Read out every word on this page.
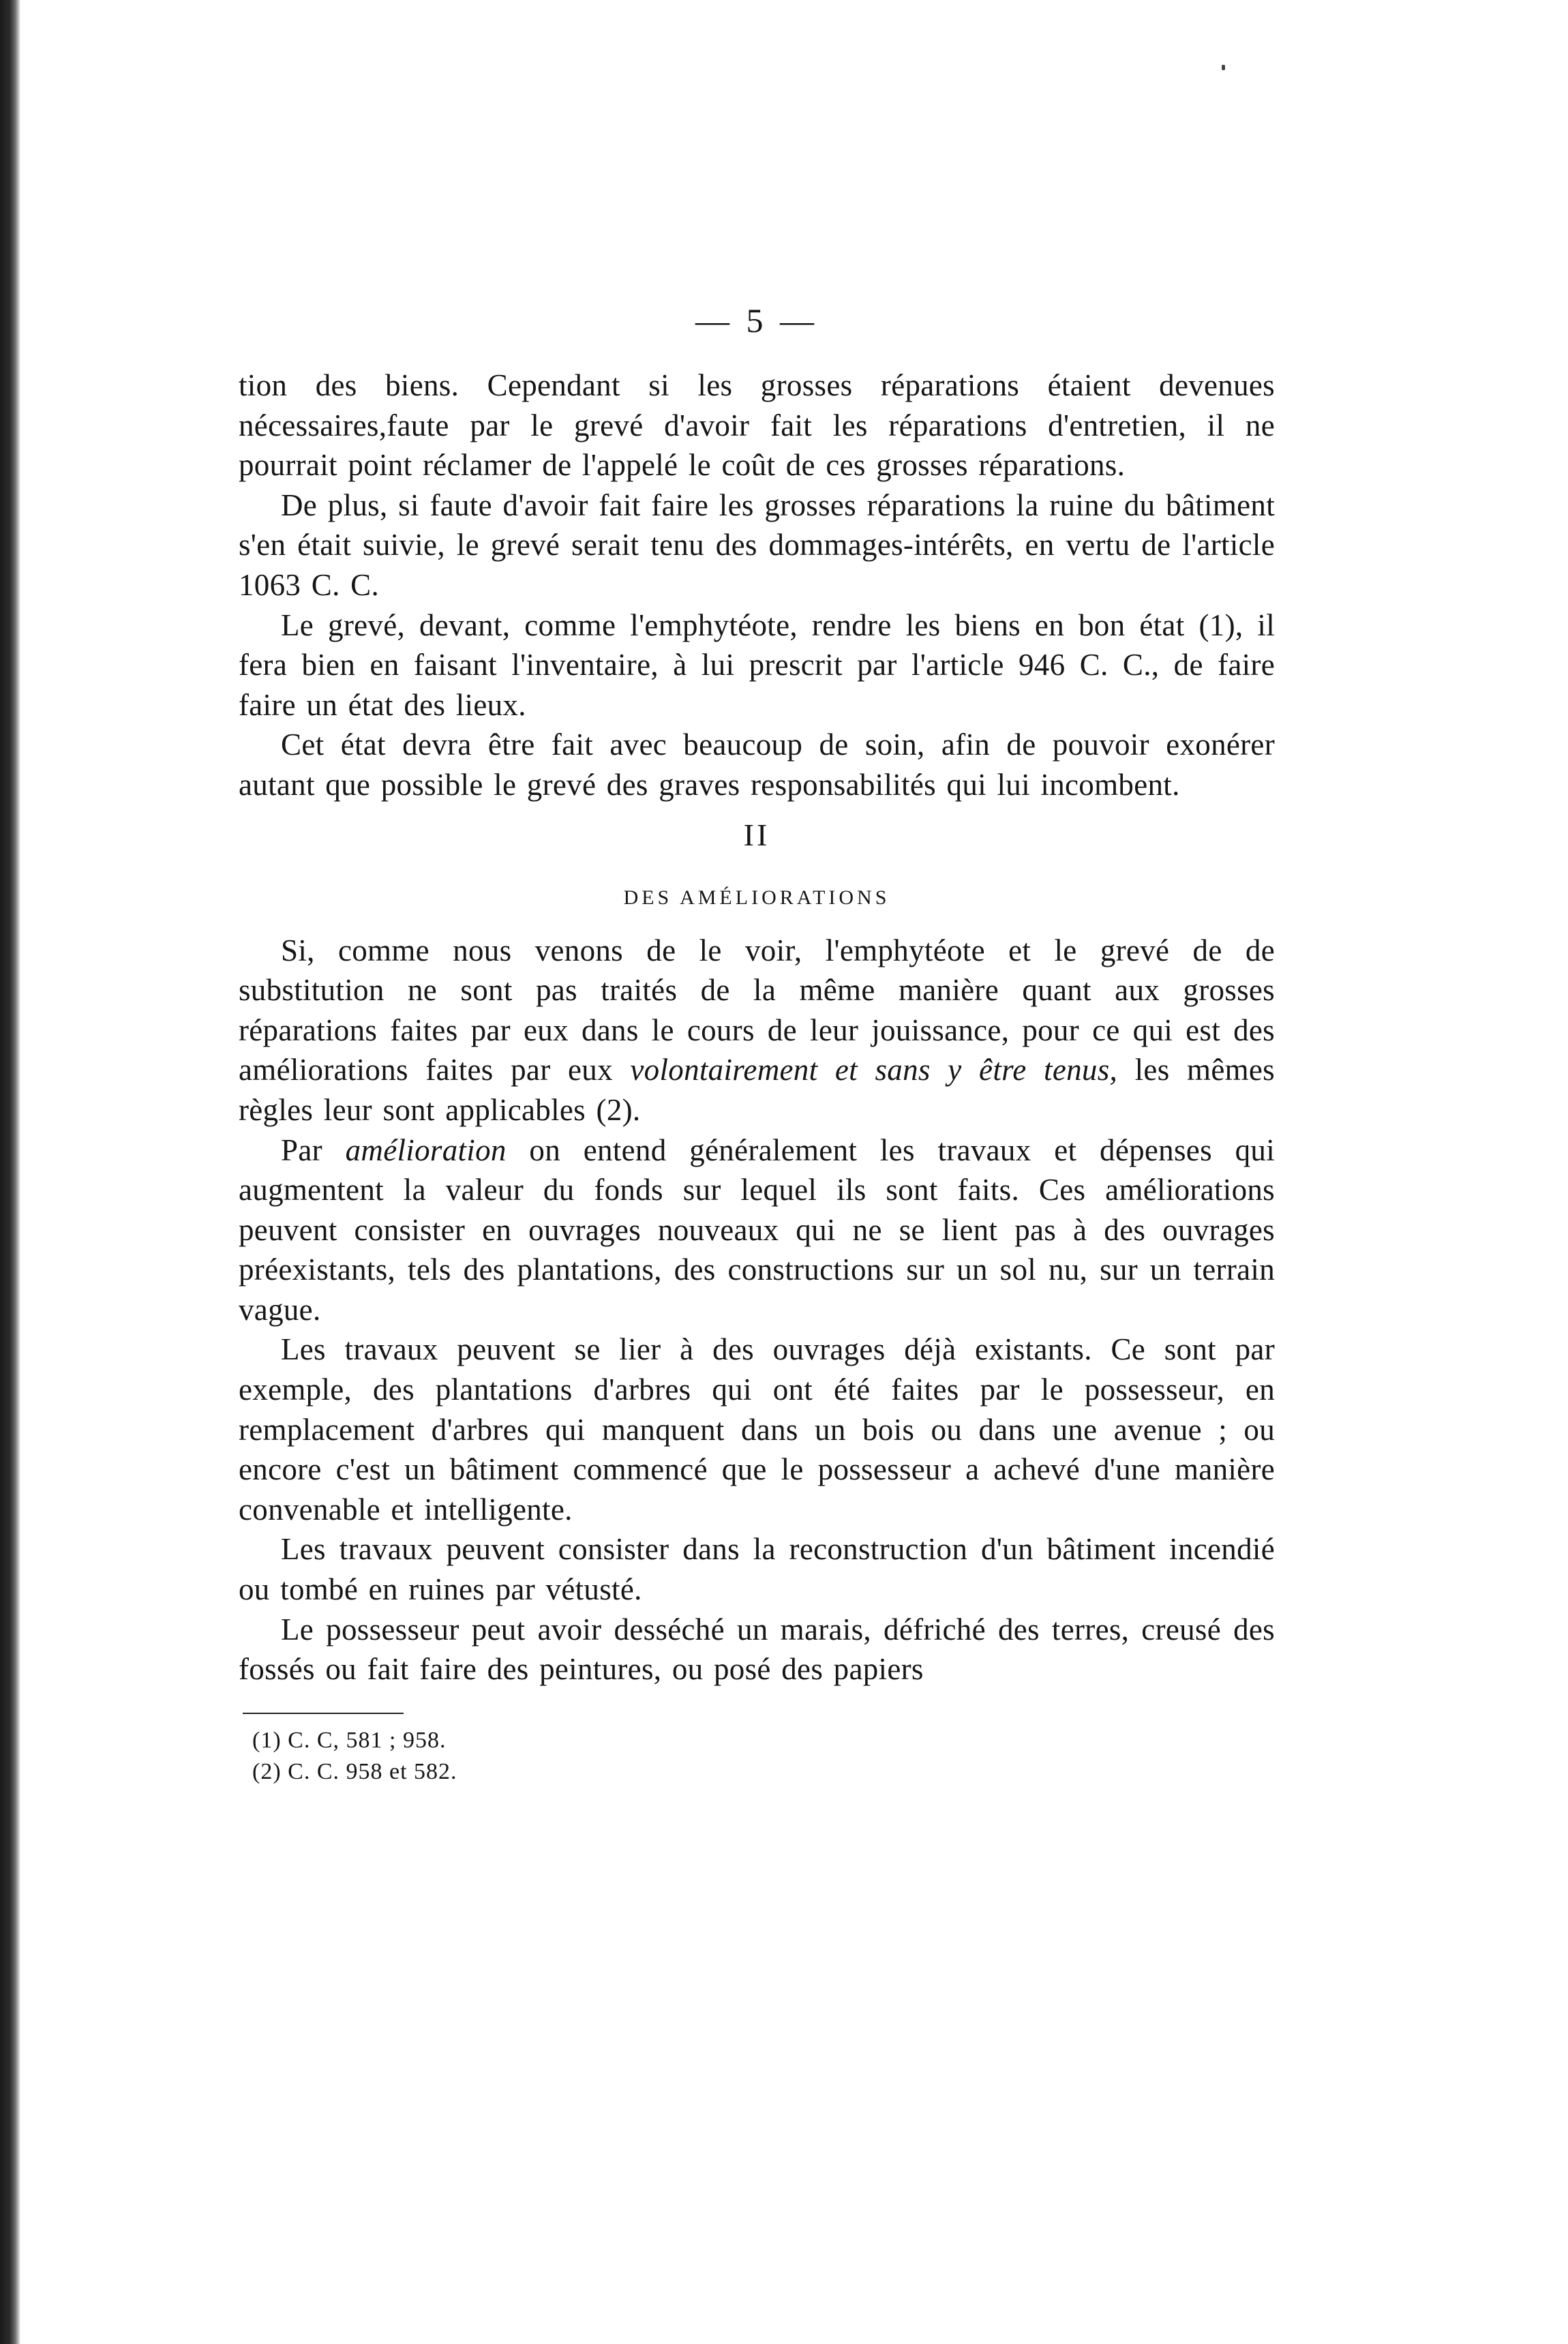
— 5 —

tion des biens. Cependant si les grosses réparations étaient devenues nécessaires,faute par le grevé d'avoir fait les réparations d'entretien, il ne pourrait point réclamer de l'appelé le coût de ces grosses réparations.

De plus, si faute d'avoir fait faire les grosses réparations la ruine du bâtiment s'en était suivie, le grevé serait tenu des dommages-intérêts, en vertu de l'article 1063 C. C.

Le grevé, devant, comme l'emphytéote, rendre les biens en bon état (1), il fera bien en faisant l'inventaire, à lui prescrit par l'article 946 C. C., de faire faire un état des lieux.

Cet état devra être fait avec beaucoup de soin, afin de pouvoir exonérer autant que possible le grevé des graves responsabilités qui lui incombent.

II
DES AMÉLIORATIONS

Si, comme nous venons de le voir, l'emphytéote et le grevé de de substitution ne sont pas traités de la même manière quant aux grosses réparations faites par eux dans le cours de leur jouissance, pour ce qui est des améliorations faites par eux volontairement et sans y être tenus, les mêmes règles leur sont applicables (2).

Par amélioration on entend généralement les travaux et dépenses qui augmentent la valeur du fonds sur lequel ils sont faits. Ces améliorations peuvent consister en ouvrages nouveaux qui ne se lient pas à des ouvrages préexistants, tels des plantations, des constructions sur un sol nu, sur un terrain vague.

Les travaux peuvent se lier à des ouvrages déjà existants. Ce sont par exemple, des plantations d'arbres qui ont été faites par le possesseur, en remplacement d'arbres qui manquent dans un bois ou dans une avenue ; ou encore c'est un bâtiment commencé que le possesseur a achevé d'une manière convenable et intelligente.

Les travaux peuvent consister dans la reconstruction d'un bâtiment incendié ou tombé en ruines par vétusté.

Le possesseur peut avoir desséché un marais, défriché des terres, creusé des fossés ou fait faire des peintures, ou posé des papiers

(1) C. C, 581 ; 958.
(2) C. C. 958 et 582.
